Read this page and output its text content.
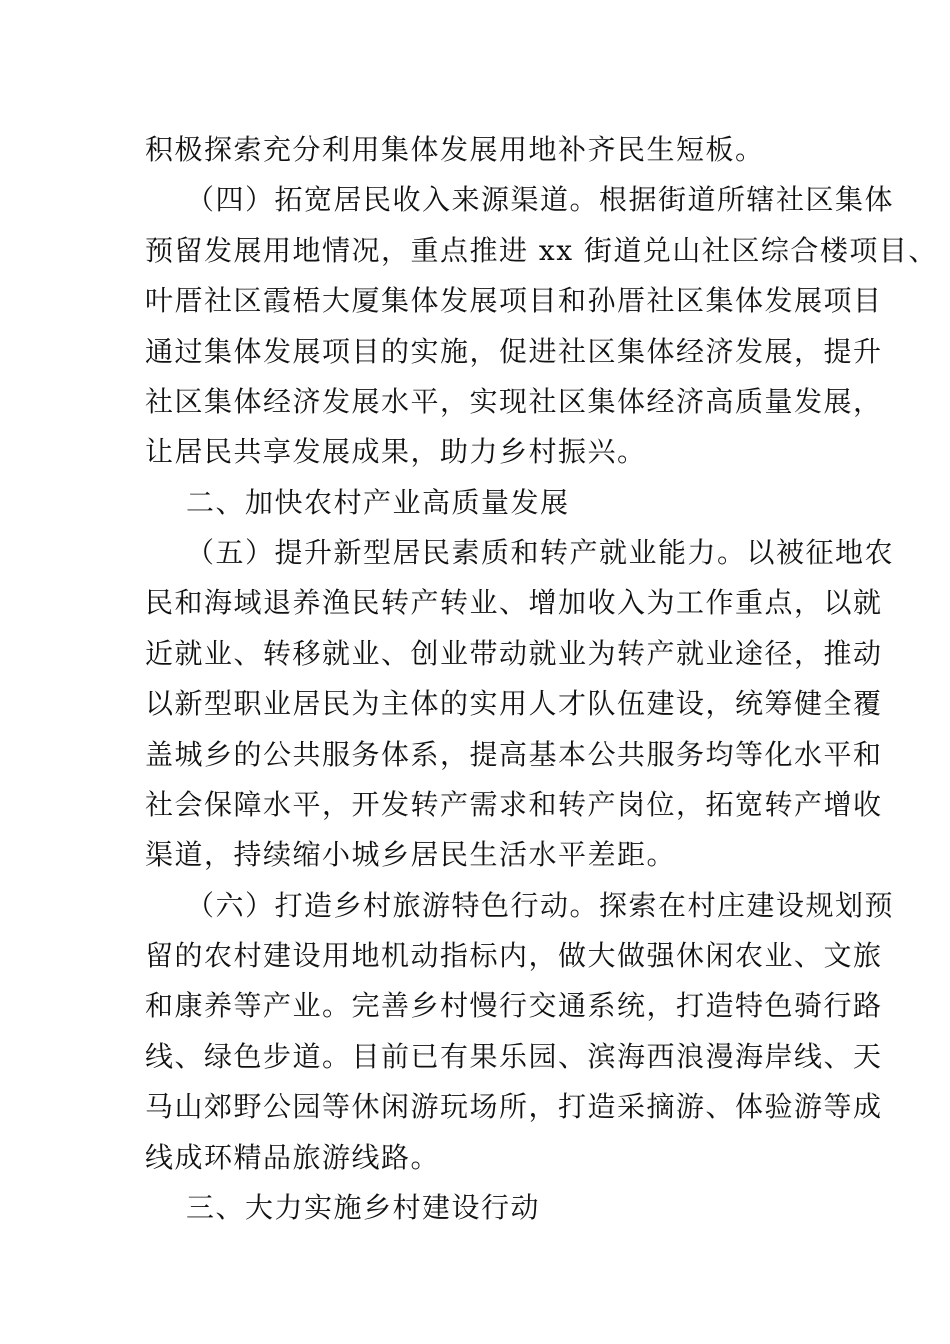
积极探索充分利用集体发展用地补齐民生短板。
（四）拓宽居民收入来源渠道。根据街道所辖社区集体
预留发展用地情况，重点推进 xx 街道兑山社区综合楼项目、
叶厝社区霞梧大厦集体发展项目和孙厝社区集体发展项目
通过集体发展项目的实施，促进社区集体经济发展，提升
社区集体经济发展水平，实现社区集体经济高质量发展，
让居民共享发展成果，助力乡村振兴。
二、加快农村产业高质量发展
（五）提升新型居民素质和转产就业能力。以被征地农
民和海域退养渔民转产转业、增加收入为工作重点，以就
近就业、转移就业、创业带动就业为转产就业途径，推动
以新型职业居民为主体的实用人才队伍建设，统筹健全覆
盖城乡的公共服务体系，提高基本公共服务均等化水平和
社会保障水平，开发转产需求和转产岗位，拓宽转产增收
渠道，持续缩小城乡居民生活水平差距。
（六）打造乡村旅游特色行动。探索在村庄建设规划预
留的农村建设用地机动指标内，做大做强休闲农业、文旅
和康养等产业。完善乡村慢行交通系统，打造特色骑行路
线、绿色步道。目前已有果乐园、滨海西浪漫海岸线、天
马山郊野公园等休闲游玩场所，打造采摘游、体验游等成
线成环精品旅游线路。
三、大力实施乡村建设行动
